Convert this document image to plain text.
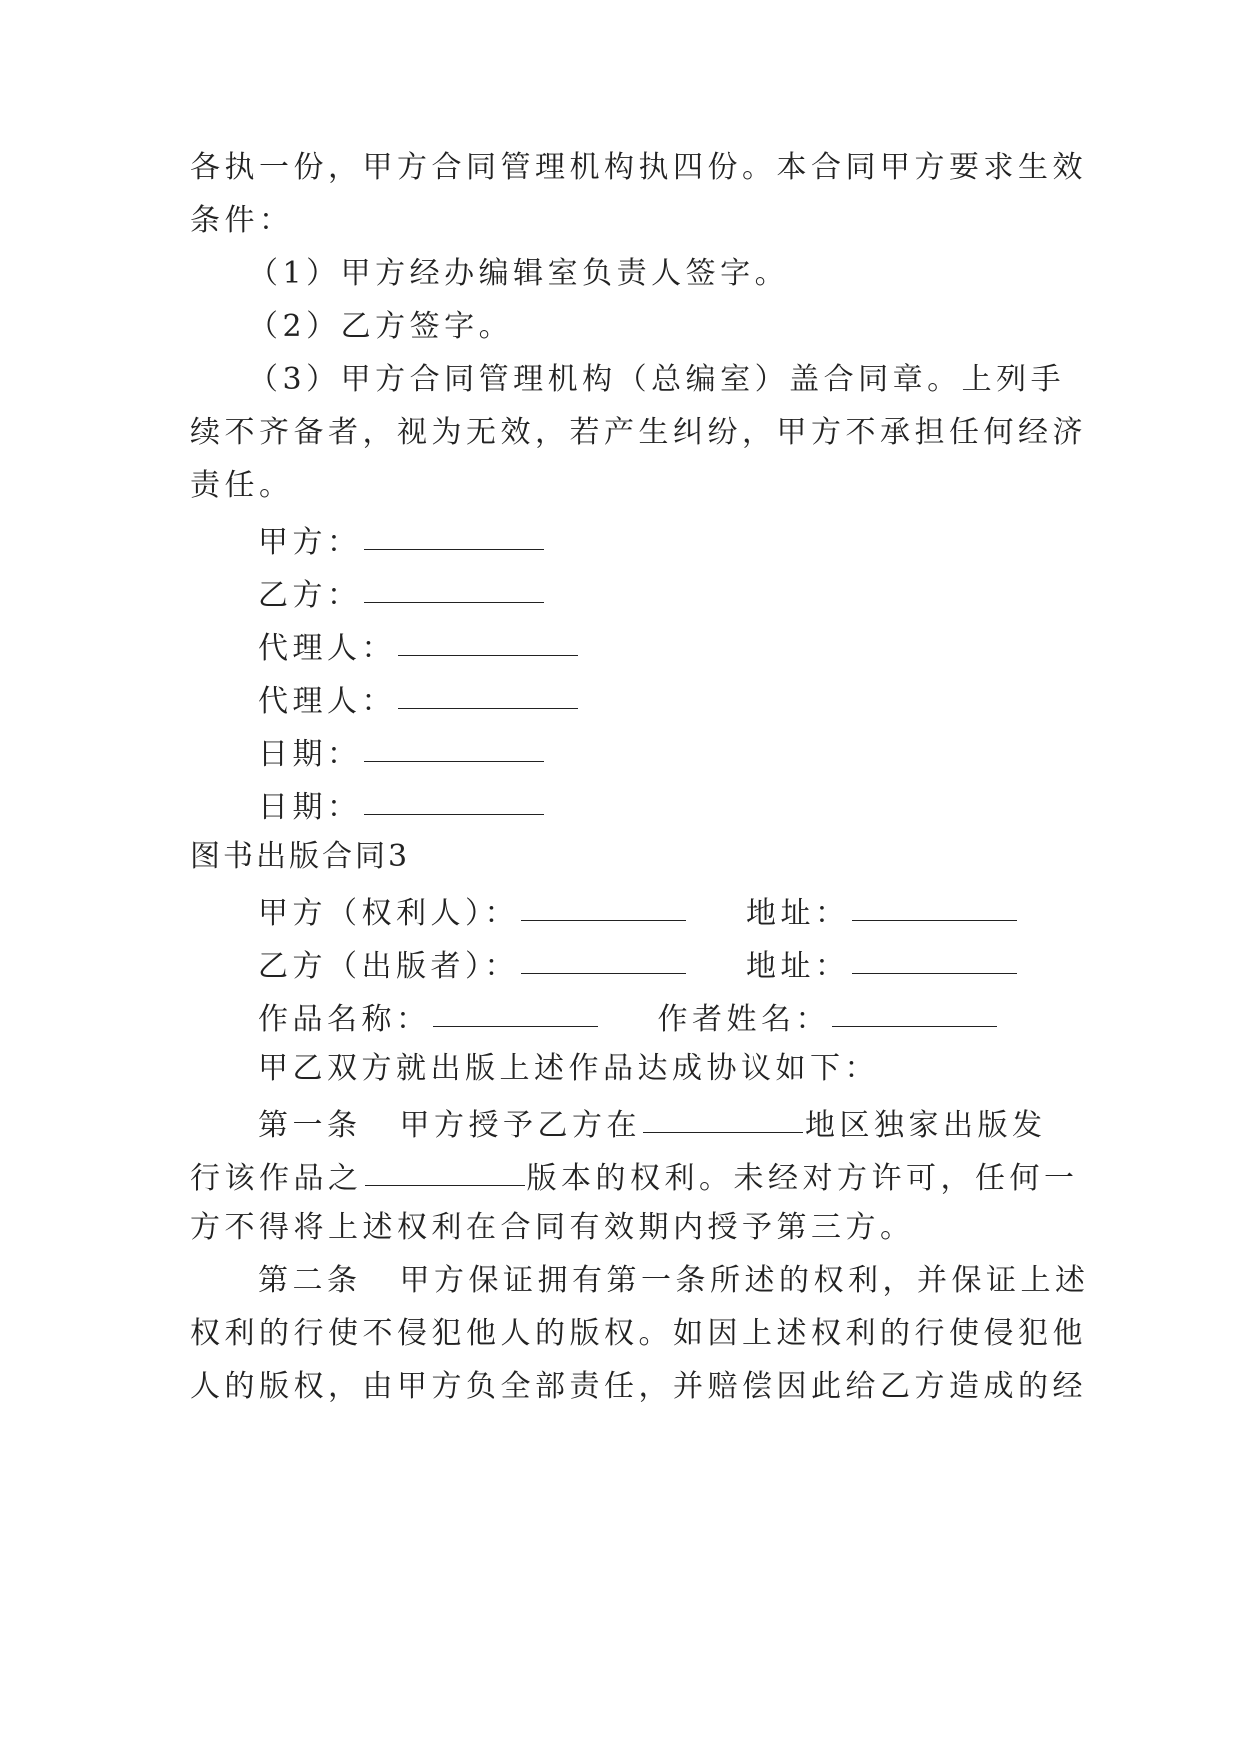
各执一份，甲方合同管理机构执四份。本合同甲方要求生效
条件：
（1）甲方经办编辑室负责人签字。
（2）乙方签字。
（3）甲方合同管理机构（总编室）盖合同章。上列手
续不齐备者，视为无效，若产生纠纷，甲方不承担任何经济
责任。
甲方：
乙方：
代理人：
代理人：
日期：
日期：
图书出版合同3
甲方（权利人）：	地址：
乙方（出版者）：	地址：
作品名称：	作者姓名：
甲乙双方就出版上述作品达成协议如下：
第一条 甲方授予乙方在	地区独家出版发
行该作品之	版本的权利。未经对方许可，任何一
方不得将上述权利在合同有效期内授予第三方。
第二条 甲方保证拥有第一条所述的权利，并保证上述
权利的行使不侵犯他人的版权。如因上述权利的行使侵犯他
人的版权，由甲方负全部责任，并赔偿因此给乙方造成的经
